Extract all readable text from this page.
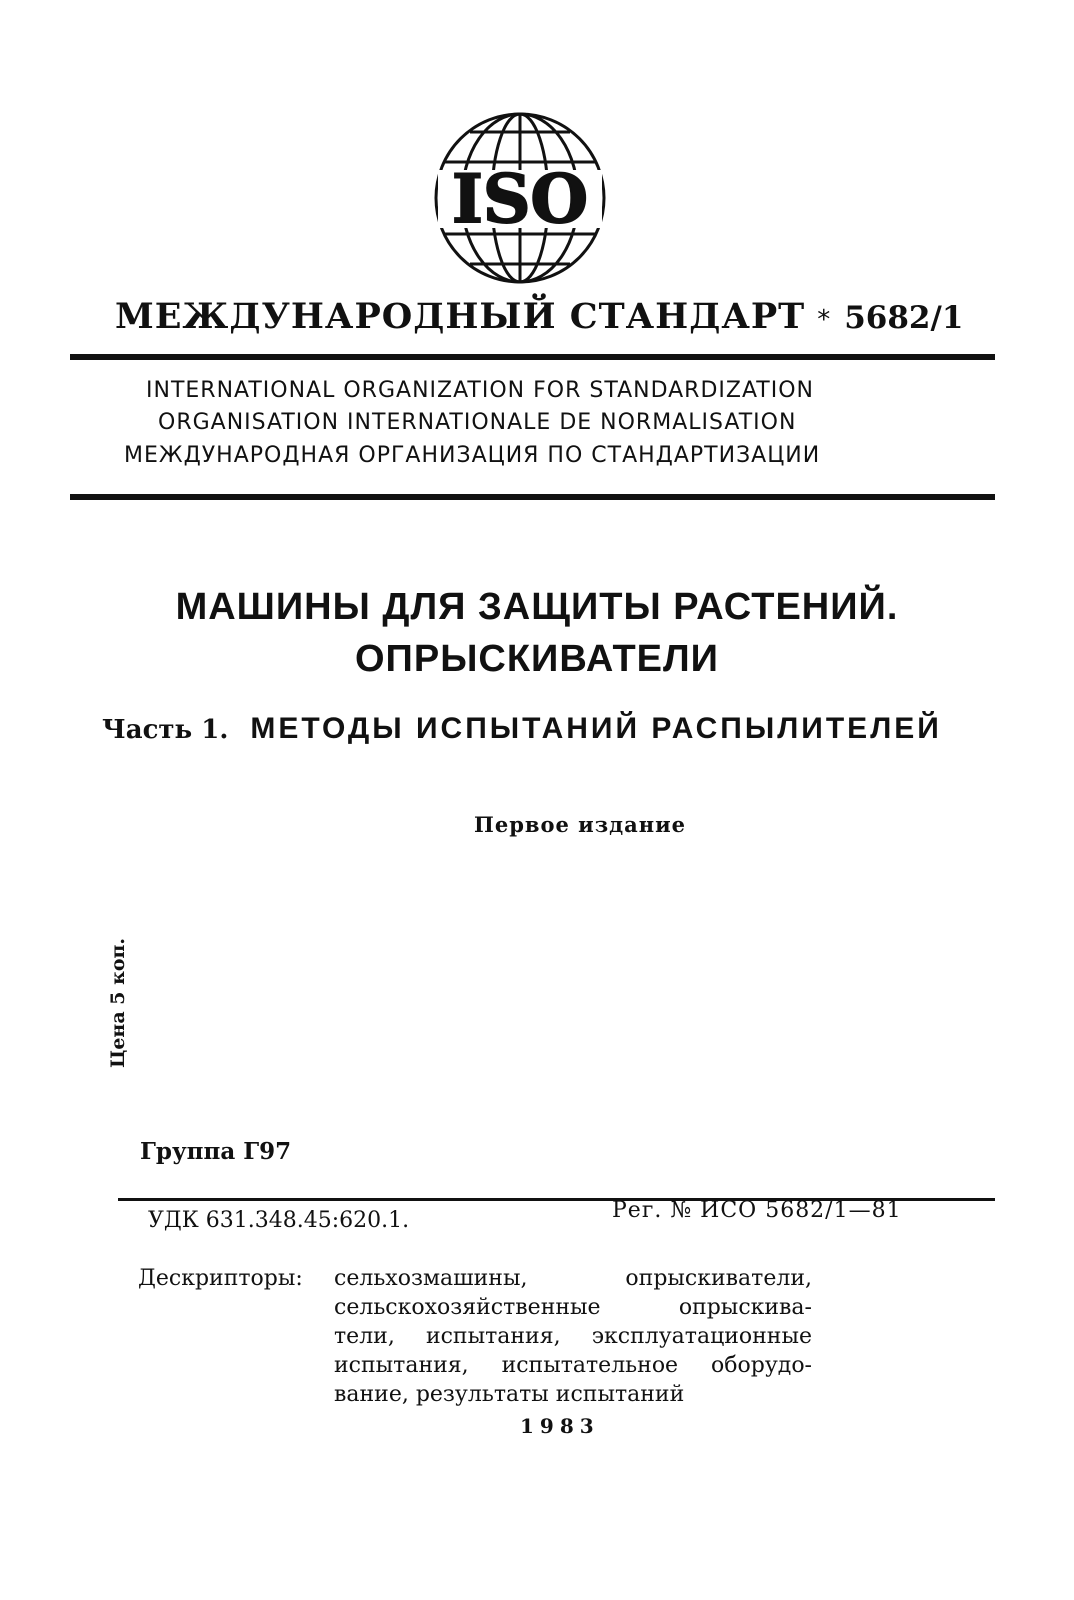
ISO
МЕЖДУНАРОДНЫЙ СТАНДАРТ * 5682/1
INTERNATIONAL ORGANIZATION FOR STANDARDIZATION
ORGANISATION INTERNATIONALE DE NORMALISATION
МЕЖДУНАРОДНАЯ ОРГАНИЗАЦИЯ ПО СТАНДАРТИЗАЦИИ
МАШИНЫ ДЛЯ ЗАЩИТЫ РАСТЕНИЙ.
ОПРЫСКИВАТЕЛИ
Часть 1. МЕТОДЫ ИСПЫТАНИЙ РАСПЫЛИТЕЛЕЙ
Первое издание
Цена 5 коп.
Группа Г97
УДК 631.348.45:620.1.	Рег. № ИСО 5682/1—81
Дескрипторы: сельхозмашины, опрыскиватели,
сельскохозяйственные опрыскива-
тели, испытания, эксплуатационные
испытания, испытательное оборудо-
вание, результаты испытаний
1983
